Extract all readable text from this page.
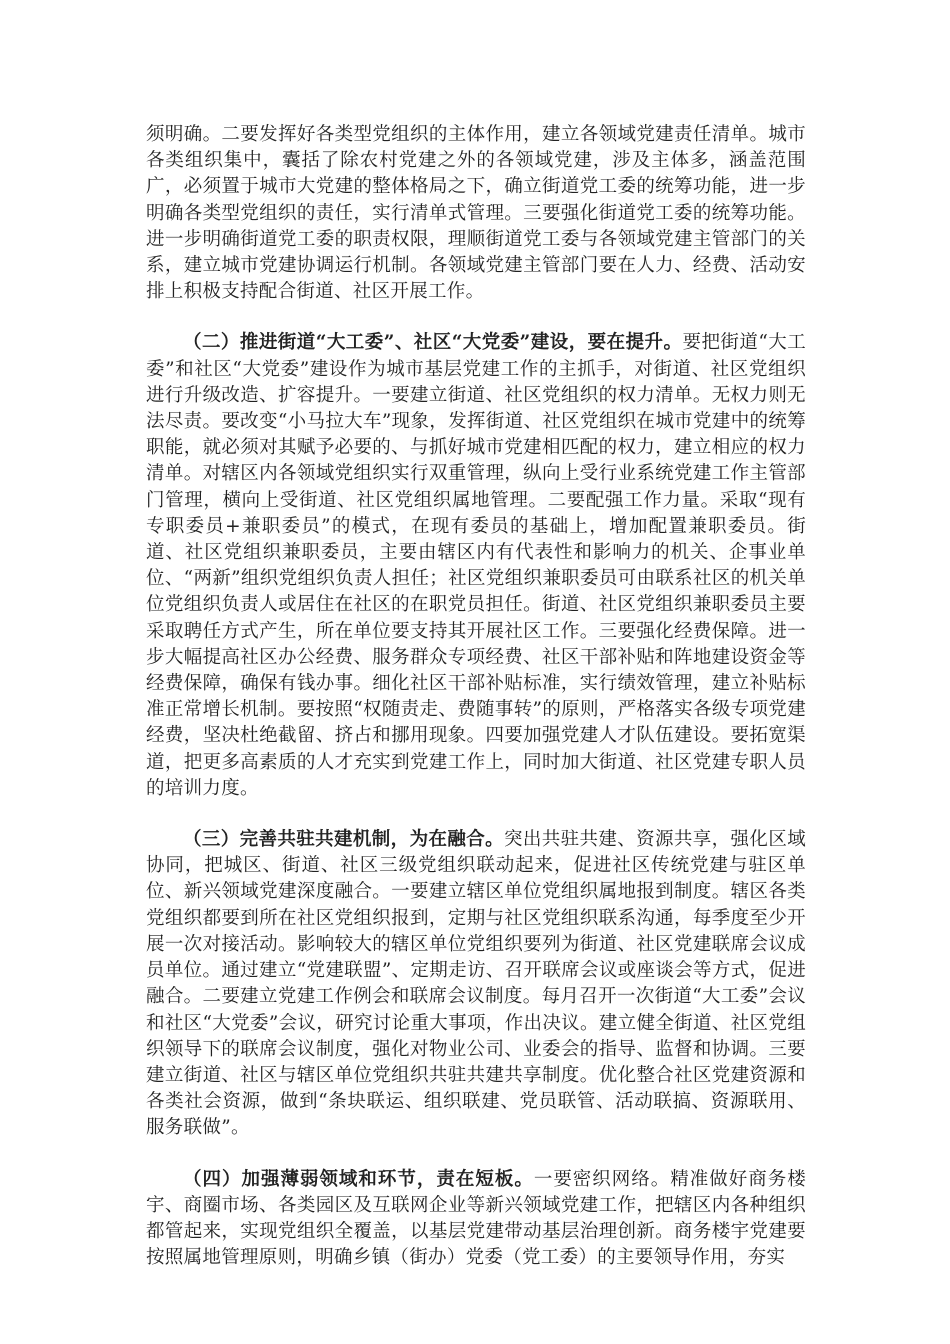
须明确。二要发挥好各类型党组织的主体作用，建立各领域党建责任清单。城市各类组织集中，囊括了除农村党建之外的各领域党建，涉及主体多，涵盖范围广，必须置于城市大党建的整体格局之下，确立街道党工委的统筹功能，进一步明确各类型党组织的责任，实行清单式管理。三要强化街道党工委的统筹功能。进一步明确街道党工委的职责权限，理顺街道党工委与各领域党建主管部门的关系，建立城市党建协调运行机制。各领域党建主管部门要在人力、经费、活动安排上积极支持配合街道、社区开展工作。

（二）推进街道“大工委”、社区“大党委”建设，要在提升。要把街道“大工委”和社区“大党委”建设作为城市基层党建工作的主抓手，对街道、社区党组织进行升级改造、扩容提升。一要建立街道、社区党组织的权力清单。无权力则无法尽责。要改变“小马拉大车”现象，发挥街道、社区党组织在城市党建中的统筹职能，就必须对其赋予必要的、与抓好城市党建相匹配的权力，建立相应的权力清单。对辖区内各领域党组织实行双重管理，纵向上受行业系统党建工作主管部门管理，横向上受街道、社区党组织属地管理。二要配强工作力量。采取“现有专职委员+兼职委员”的模式，在现有委员的基础上，增加配置兼职委员。街道、社区党组织兼职委员，主要由辖区内有代表性和影响力的机关、企事业单位、“两新”组织党组织负责人担任；社区党组织兼职委员可由联系社区的机关单位党组织负责人或居住在社区的在职党员担任。街道、社区党组织兼职委员主要采取聘任方式产生，所在单位要支持其开展社区工作。三要强化经费保障。进一步大幅提高社区办公经费、服务群众专项经费、社区干部补贴和阵地建设资金等经费保障，确保有钱办事。细化社区干部补贴标准，实行绩效管理，建立补贴标准正常增长机制。要按照“权随责走、费随事转”的原则，严格落实各级专项党建经费，坚决杜绝截留、挤占和挪用现象。四要加强党建人才队伍建设。要拓宽渠道，把更多高素质的人才充实到党建工作上，同时加大街道、社区党建专职人员的培训力度。

（三）完善共驻共建机制，为在融合。突出共驻共建、资源共享，强化区域协同，把城区、街道、社区三级党组织联动起来，促进社区传统党建与驻区单位、新兴领域党建深度融合。一要建立辖区单位党组织属地报到制度。辖区各类党组织都要到所在社区党组织报到，定期与社区党组织联系沟通，每季度至少开展一次对接活动。影响较大的辖区单位党组织要列为街道、社区党建联席会议成员单位。通过建立“党建联盟”、定期走访、召开联席会议或座谈会等方式，促进融合。二要建立党建工作例会和联席会议制度。每月召开一次街道“大工委”会议和社区“大党委”会议，研究讨论重大事项，作出决议。建立健全街道、社区党组织领导下的联席会议制度，强化对物业公司、业委会的指导、监督和协调。三要建立街道、社区与辖区单位党组织共驻共建共享制度。优化整合社区党建资源和各类社会资源，做到“条块联运、组织联建、党员联管、活动联搞、资源联用、服务联做”。

（四）加强薄弱领域和环节，责在短板。一要密织网络。精准做好商务楼宇、商圈市场、各类园区及互联网企业等新兴领域党建工作，把辖区内各种组织都管起来，实现党组织全覆盖，以基层党建带动基层治理创新。商务楼宇党建要按照属地管理原则，明确乡镇（街办）党委（党工委）的主要领导作用，夯实
